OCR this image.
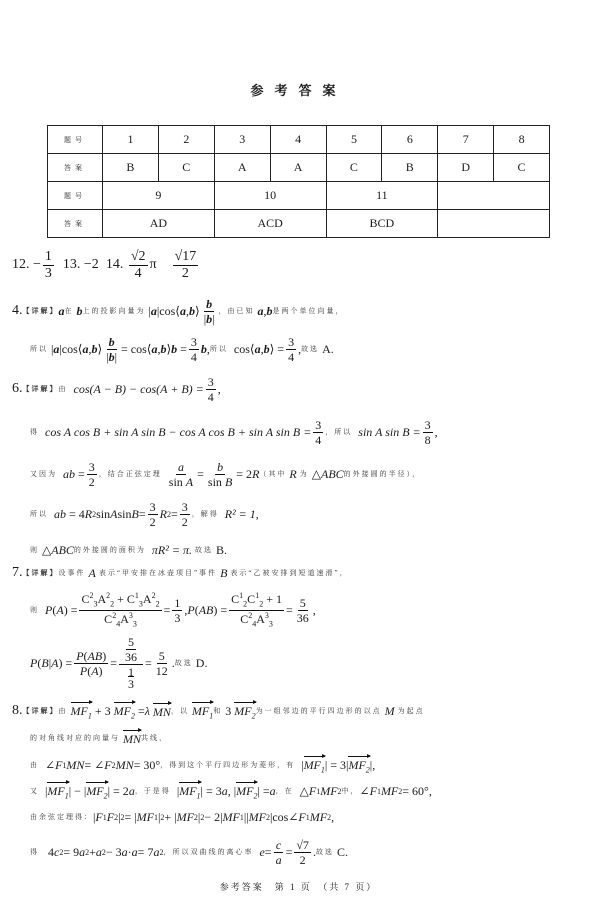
参考答案
题号	1	2	3	4	5	6	7	8
答案	B	C	A	A	C	B	D	C
题号	9		10		11			
答案	AD		ACD		BCD			
12.
− $\frac{1}{3}$
13.
−2
14.
$\frac{√2}{4}$ π
$\frac{√17}{2}$
4. 【详解】 a 在
b 上的投影向量为
|a|cos⟨a,b⟩ $\frac{b}{|b|}$ ，由已知
a , b 是两个单位向量，
所以
|a|cos⟨a,b⟩ $\frac{b}{|b|}$ = cos⟨a,b⟩b = $\frac{3}{4}$ b , 所以
cos⟨a,b⟩ = $\frac{3}{4}$ , 故选
A.
6. 【详解】 由
$\cos(A - B) - \cos(A + B) = \frac{3}{4}$ ,
得
cos A cos B + sin A sin B − cos A cos B + sin A $\sin B = \frac{3}{4}$ ，所以
sin A $\sin B = \frac{3}{8}$ ,
又因为
ab = $\frac{3}{2}$ ，结合正弦定理
$\frac{a}{\text{sin A}} = \frac{b}{\text{sin B}} = 2$ R （其中
R
为 △ ABC 的外接圆的半径），
所以
ab = 4 R 2 sin A $\sin B = \frac{3}{2}$ R $2 = \frac{3}{2}$ ，解得
R² = 1 ,
则 △ ABC 的外接圆的面积为
πR² = π.
故选
B.
7. 【详解】 设事件
A
表示“甲安排在冰壶项目”事件
B
表示“乙被安排到短道速滑”，
则
P ( A ) = $\frac{C^2_3A^2_2 + C^1_3A^2_2}{C^2_4A^3_3} = \frac{1}{3}$ , P ( AB ) = $\frac{C^1_2C^1_2 + 1}{C^2_4A^3_3} = \frac{5}{36}$ ,
P ( B | A ) = $\frac{P(AB)}{P(A)} = \frac{5}{36}$
1
3
= $\frac{5}{12}$ . 故选
D.
8. 【详解】 由
$MF_1 + 3$ $MF_2 = \lambda$
MN ，以
$MF_1$
和 3 $MF_2$
为一组邻边的平行四边形的以点
M
为起点
的对角线对应的向量与
MN 共线，
由 ∠ F 1 MN = ∠ F 2 MN = 30° ，得到这个平行四边形为菱形，有 | $MF_1$ | = 3| $MF_2$ |,
又 | $MF_1$ | − | $MF_2$ | = 2 a ，于是得 | $MF_1$ | = 3 a , | $MF_2$ | = a ，在 △ F 1 MF 2 中， ∠ F 1 MF 2 = 60°,
由余弦定理得： | F 1 F 2 | 2 = | MF 1 | 2 + | MF 2 | 2 − 2| MF 1 || MF 2 |cos∠ F 1 MF 2 ,
得 4 c 2 = 9 a 2 + a 2 − 3 a · a = 7 a 2 ，所以双曲线的离心率
$e = \frac{c}{a} = \frac{√7}{2}$ . 故选
C.
参考答案　第 1 页　（共 7 页）
